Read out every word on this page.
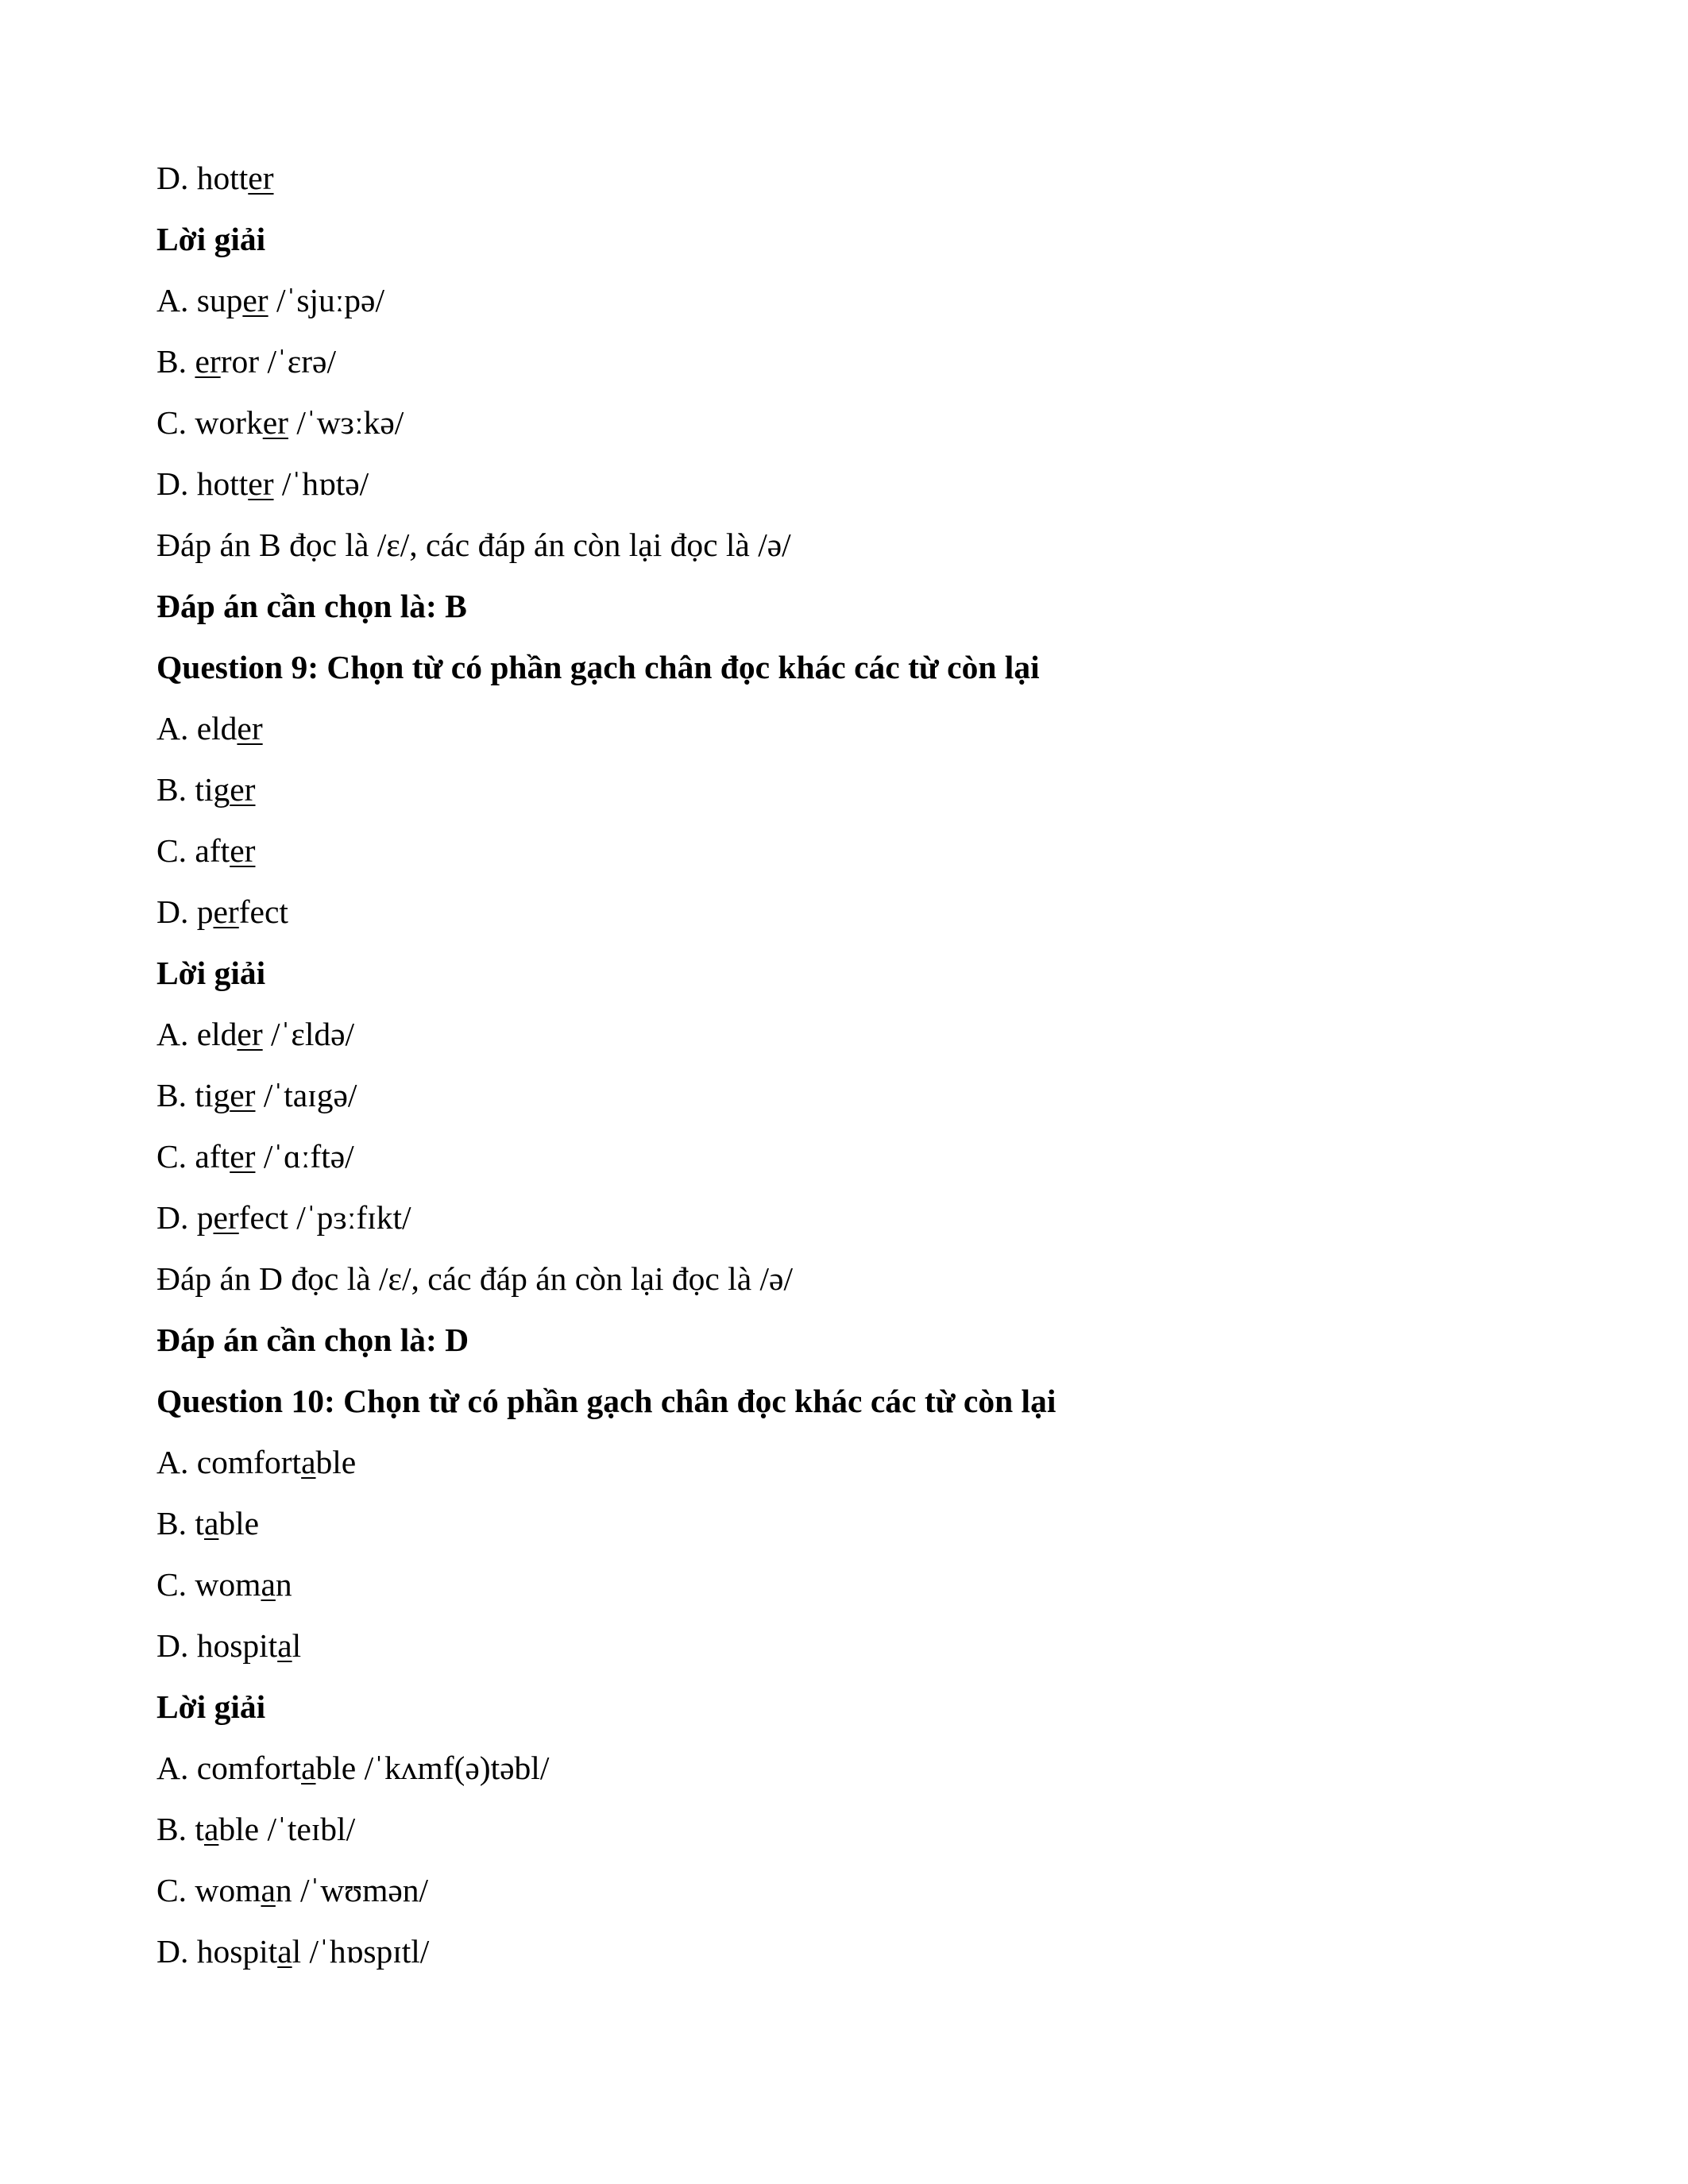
D. hotter
Lời giải
A. super /ˈsjuːpə/
B. error /ˈɛrə/
C. worker /ˈwɜːkə/
D. hotter /ˈhɒtə/
Đáp án B đọc là /ɛ/, các đáp án còn lại đọc là /ə/
Đáp án cần chọn là: B
Question 9: Chọn từ có phần gạch chân đọc khác các từ còn lại
A. elder
B. tiger
C. after
D. perfect
Lời giải
A. elder /ˈɛldə/
B. tiger /ˈtaɪgə/
C. after /ˈɑːftə/
D. perfect /ˈpɜːfɪkt/
Đáp án D đọc là /ɛ/, các đáp án còn lại đọc là /ə/
Đáp án cần chọn là: D
Question 10: Chọn từ có phần gạch chân đọc khác các từ còn lại
A. comfortable
B. table
C. woman
D. hospital
Lời giải
A. comfortable /ˈkʌmf(ə)təbl/
B. table /ˈteɪbl/
C. woman /ˈwʊmən/
D. hospital /ˈhɒspɪtl/
